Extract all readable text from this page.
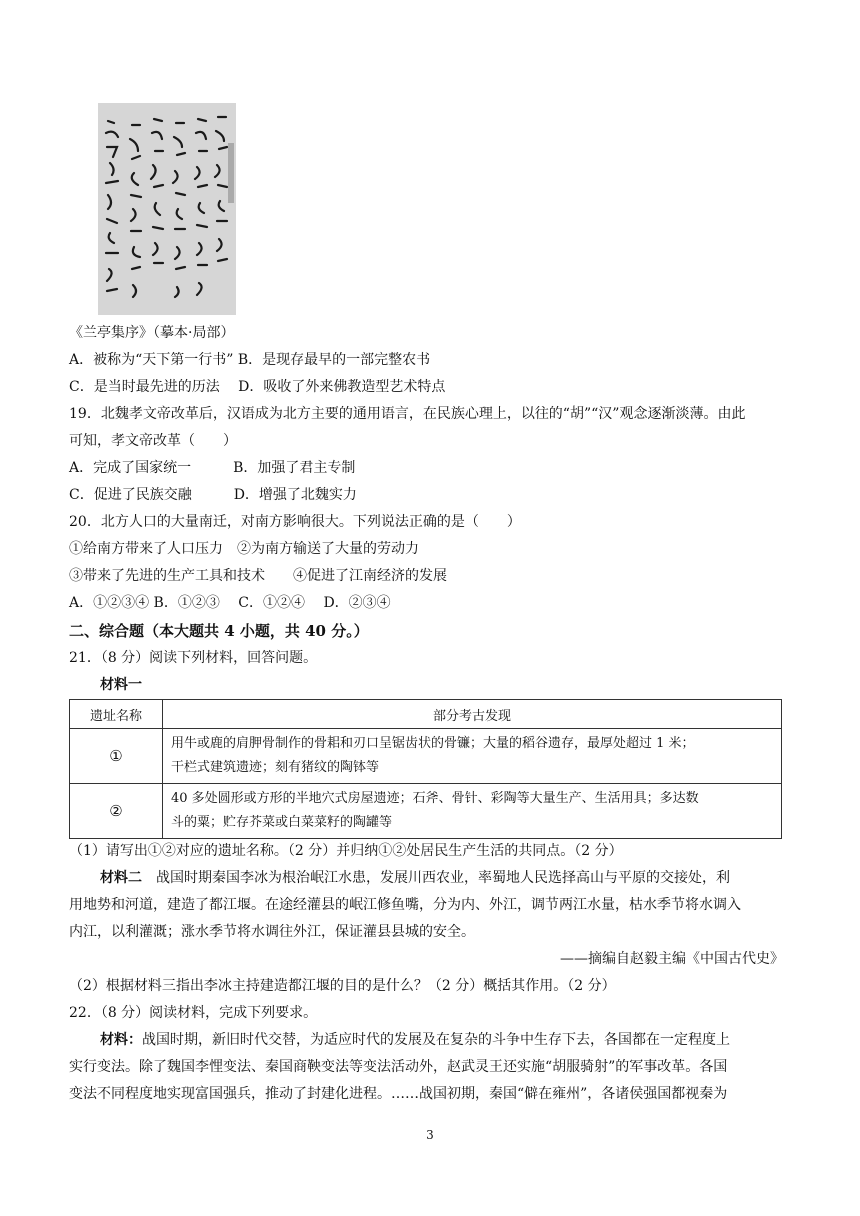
《兰亭集序》（摹本·局部）
A．被称为“天下第一行书” B．是现存最早的一部完整农书
C．是当时最先进的历法　 D．吸收了外来佛教造型艺术特点
19．北魏孝文帝改革后，汉语成为北方主要的通用语言，在民族心理上，以往的“胡”“汉”观念逐渐淡薄。由此
可知，孝文帝改革（　　）
A．完成了国家统一　　　B．加强了君主专制
C．促进了民族交融　　　D．增强了北魏实力
20．北方人口的大量南迁，对南方影响很大。下列说法正确的是（　　）
①给南方带来了人口压力　②为南方输送了大量的劳动力
③带来了先进的生产工具和技术　　④促进了江南经济的发展
A．①②③④ B．①②③　 C．①②④　 D．②③④
二、综合题（本大题共 4 小题，共 40 分。）
21．（8 分）阅读下列材料，回答问题。
材料一
遗址名称	部分考古发现
①	用牛或鹿的肩胛骨制作的骨耜和刃口呈锯齿状的骨镰；大量的稻谷遗存，最厚处超过 1 米；
干栏式建筑遗迹；刻有猪纹的陶钵等

②	40 多处圆形或方形的半地穴式房屋遗迹；石斧、骨针、彩陶等大量生产、生活用具；多达数
斗的粟；贮存芥菜或白菜菜籽的陶罐等
（1）请写出①②对应的遗址名称。（2 分）并归纳①②处居民生产生活的共同点。（2 分）
材料二　战国时期秦国李冰为根治岷江水患，发展川西农业，率蜀地人民选择高山与平原的交接处，利
用地势和河道，建造了都江堰。在途经灌县的岷江修鱼嘴，分为内、外江，调节两江水量，枯水季节将水调入
内江，以利灌溉；涨水季节将水调往外江，保证灌县县城的安全。
——摘编自赵毅主编《中国古代史》
（2）根据材料三指出李冰主持建造都江堰的目的是什么？（2 分）概括其作用。（2 分）
22．（8 分）阅读材料，完成下列要求。
材料：战国时期，新旧时代交替，为适应时代的发展及在复杂的斗争中生存下去，各国都在一定程度上
实行变法。除了魏国李悝变法、秦国商鞅变法等变法活动外，赵武灵王还实施“胡服骑射”的军事改革。各国
变法不同程度地实现富国强兵，推动了封建化进程。……战国初期，秦国“僻在雍州”，各诸侯强国都视秦为
3
